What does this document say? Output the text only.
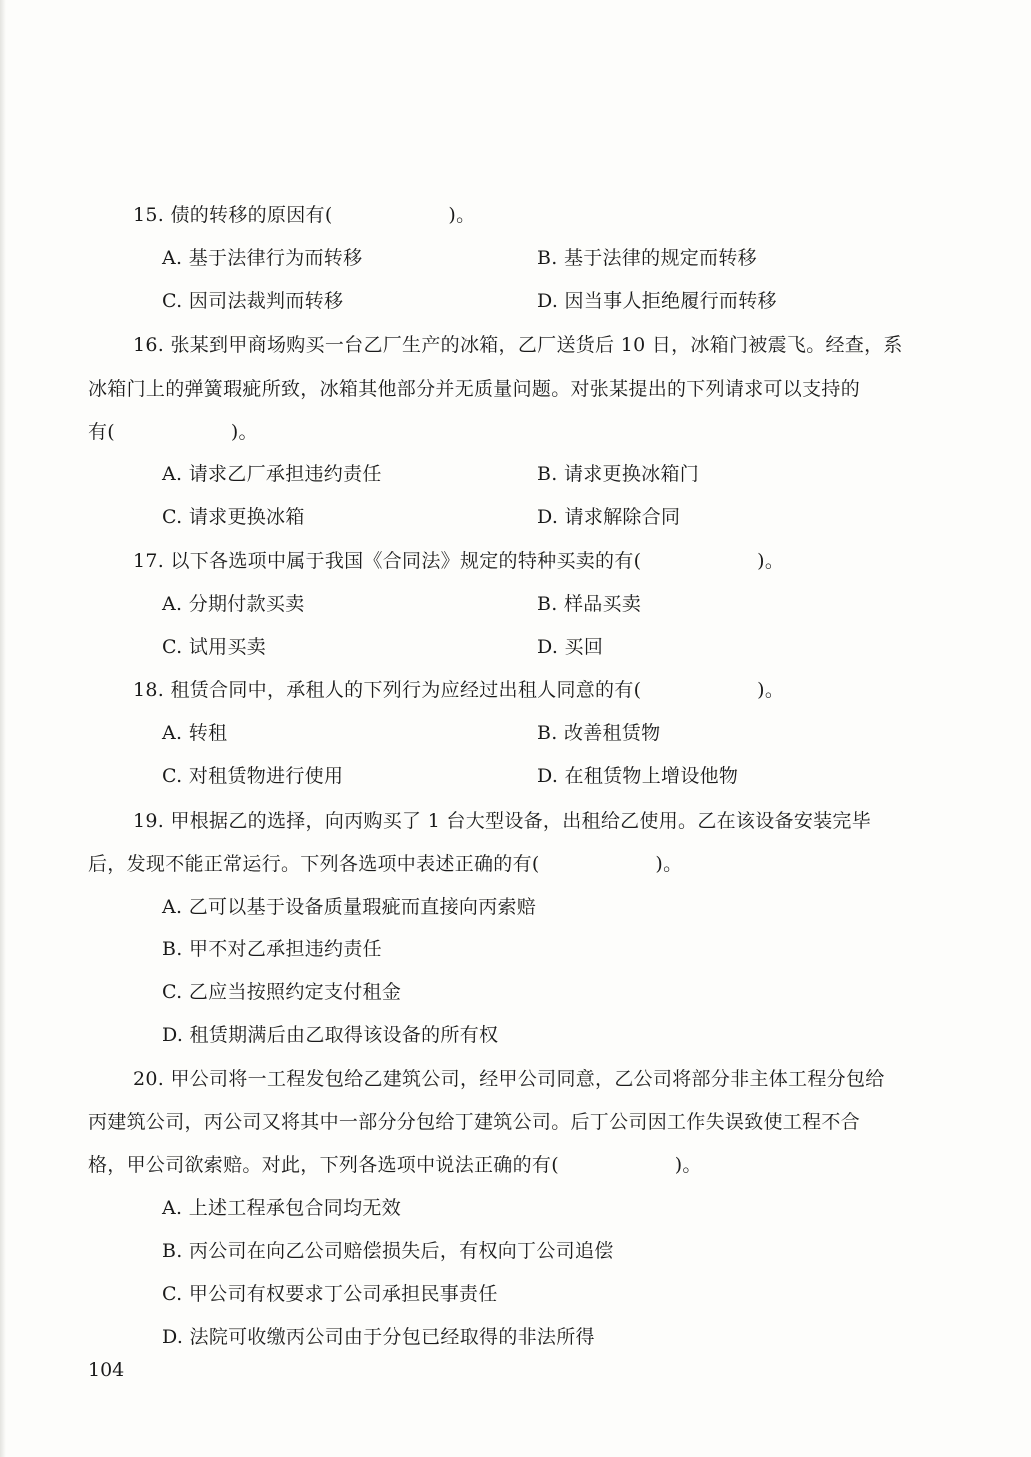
15. 债的转移的原因有(　　　　　　)。
A. 基于法律行为而转移	B. 基于法律的规定而转移
C. 因司法裁判而转移	D. 因当事人拒绝履行而转移
16. 张某到甲商场购买一台乙厂生产的冰箱，乙厂送货后 10 日，冰箱门被震飞。经查，系
冰箱门上的弹簧瑕疵所致，冰箱其他部分并无质量问题。对张某提出的下列请求可以支持的
有(　　　　　　)。
A. 请求乙厂承担违约责任	B. 请求更换冰箱门
C. 请求更换冰箱	D. 请求解除合同
17. 以下各选项中属于我国《合同法》规定的特种买卖的有(　　　　　　)。
A. 分期付款买卖	B. 样品买卖
C. 试用买卖	D. 买回
18. 租赁合同中，承租人的下列行为应经过出租人同意的有(　　　　　　)。
A. 转租	B. 改善租赁物
C. 对租赁物进行使用	D. 在租赁物上增设他物
19. 甲根据乙的选择，向丙购买了 1 台大型设备，出租给乙使用。乙在该设备安装完毕
后，发现不能正常运行。下列各选项中表述正确的有(　　　　　　)。
A. 乙可以基于设备质量瑕疵而直接向丙索赔
B. 甲不对乙承担违约责任
C. 乙应当按照约定支付租金
D. 租赁期满后由乙取得该设备的所有权
20. 甲公司将一工程发包给乙建筑公司，经甲公司同意，乙公司将部分非主体工程分包给
丙建筑公司，丙公司又将其中一部分分包给丁建筑公司。后丁公司因工作失误致使工程不合
格，甲公司欲索赔。对此，下列各选项中说法正确的有(　　　　　　)。
A. 上述工程承包合同均无效
B. 丙公司在向乙公司赔偿损失后，有权向丁公司追偿
C. 甲公司有权要求丁公司承担民事责任
D. 法院可收缴丙公司由于分包已经取得的非法所得
104
